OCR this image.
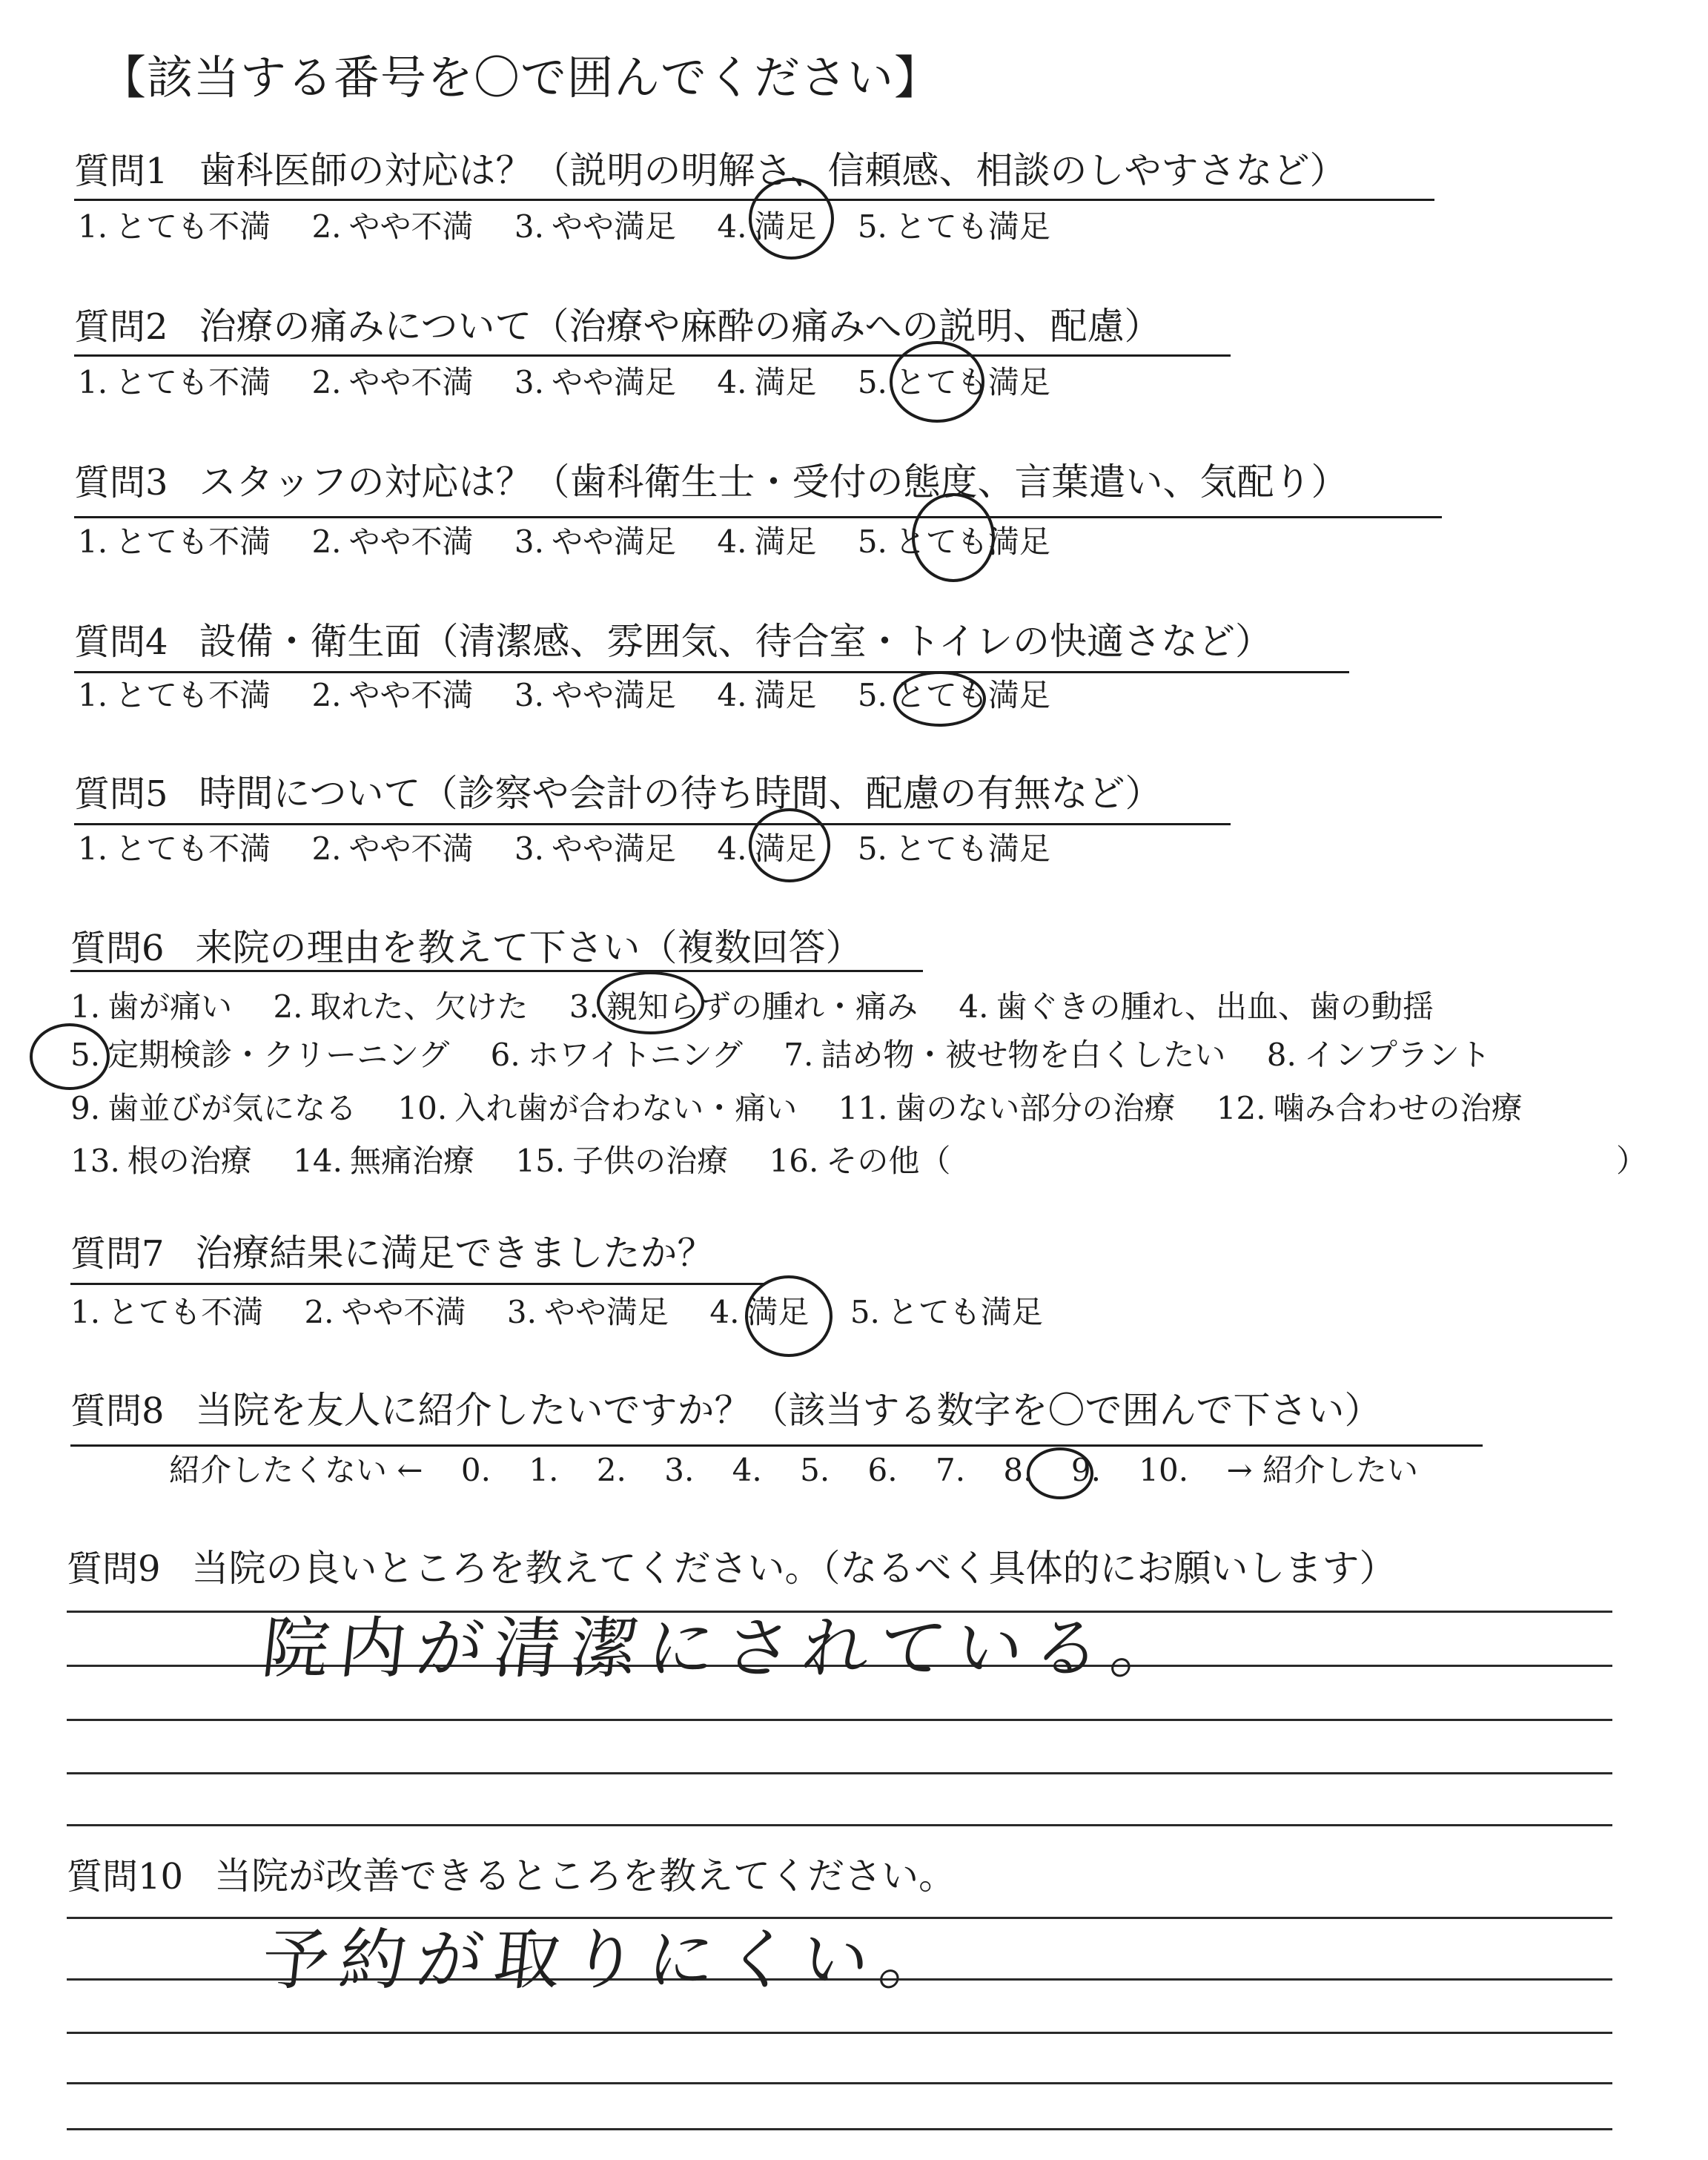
【該当する番号を〇で囲んでください】
質問1 歯科医師の対応は？（説明の明解さ、信頼感、相談のしやすさなど）
1. とても不満 2. やや不満 3. やや満足 4. 満足 5. とても満足
質問2 治療の痛みについて（治療や麻酔の痛みへの説明、配慮）
1. とても不満 2. やや不満 3. やや満足 4. 満足 5. とても満足
質問3 スタッフの対応は？（歯科衛生士・受付の態度、言葉遣い、気配り）
1. とても不満 2. やや不満 3. やや満足 4. 満足 5. とても満足
質問4 設備・衛生面（清潔感、雰囲気、待合室・トイレの快適さなど）
1. とても不満 2. やや不満 3. やや満足 4. 満足 5. とても満足
質問5 時間について（診察や会計の待ち時間、配慮の有無など）
1. とても不満 2. やや不満 3. やや満足 4. 満足 5. とても満足
質問6 来院の理由を教えて下さい（複数回答）
1. 歯が痛い 2. 取れた、欠けた 3. 親知らずの腫れ・痛み 4. 歯ぐきの腫れ、出血、歯の動揺
5. 定期検診・クリーニング 6. ホワイトニング 7. 詰め物・被せ物を白くしたい 8. インプラント
9. 歯並びが気になる 10. 入れ歯が合わない・痛い 11. 歯のない部分の治療 12. 噛み合わせの治療
13. 根の治療 14. 無痛治療 15. 子供の治療 16. その他（	）
質問7 治療結果に満足できましたか？
1. とても不満 2. やや不満 3. やや満足 4. 満足 5. とても満足
質問8 当院を友人に紹介したいですか？（該当する数字を〇で囲んで下さい）
紹介したくない ← 0. 1. 2. 3. 4. 5. 6. 7. 8. 9. 10. → 紹介したい
質問9 当院の良いところを教えてください。（なるべく具体的にお願いします）
院内が清潔にされている。
質問10 当院が改善できるところを教えてください。
予約が取りにくい。
